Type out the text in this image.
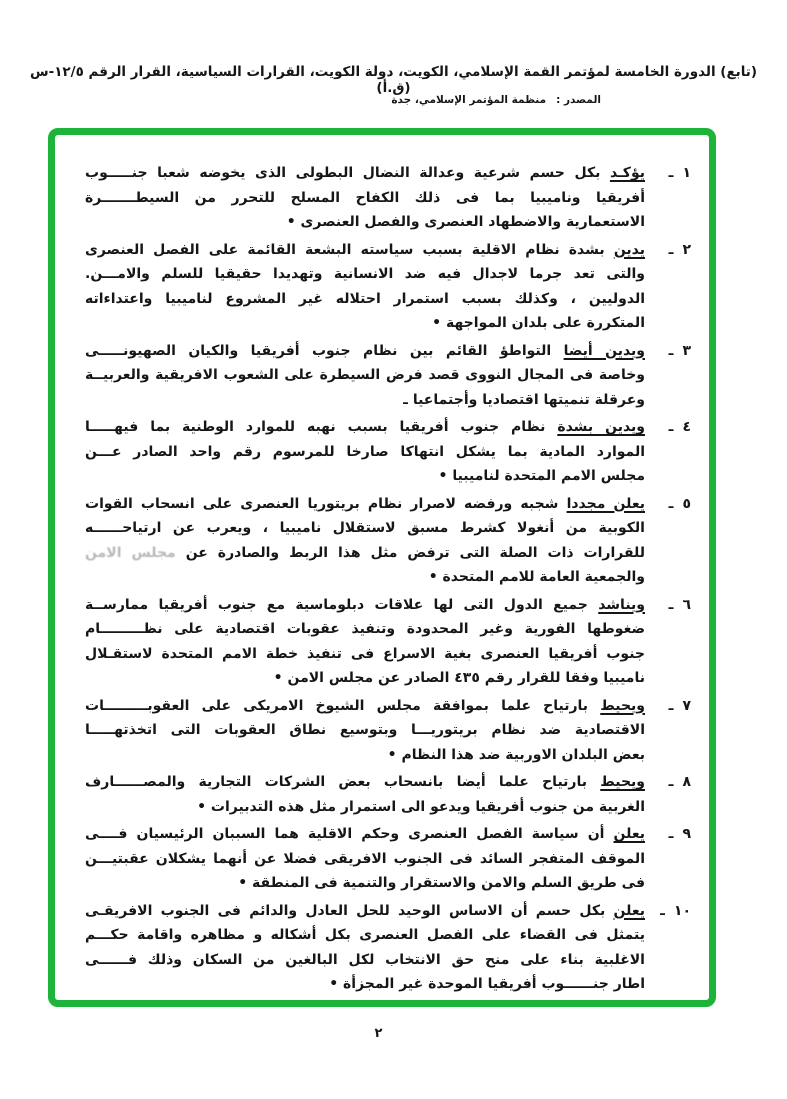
(تابع) الدورة الخامسة لمؤتمر القمة الإسلامي، الكويت، دولة الكويت، القرارات السياسية، القرار الرقم ١٢/٥-س (ق.أ)
المصدر :منظمة المؤتمر الإسلامي، جدة
١
ـ
يؤكـد بكل حسم شرعية وعدالة النضال البطولى الذى يخوضه شعبا جنـــــوب
أفريقيا وناميبيا بما فى ذلك الكفاح المسلح للتحرر من السيطـــــــرة
الاستعمارية والاضطهاد العنصرى والفصل العنصرى •
٢
ـ
يدين بشدة نظام الاقلية بسبب سياسته البشعة القائمة على الفصل العنصرى
والتى تعد جرما لاجدال فيه ضد الانسانية وتهديدا حقيقيا للسلم والامـــن.
الدوليين ، وكذلك بسبب استمرار احتلاله غير المشروع لناميبيا واعتداءاته
المتكررة على بلدان المواجهة •
٣
ـ
ويدين أيضا التواطؤ القائم بين نظام جنوب أفريقيا والكيان الصهيونـــــى
وخاصة فى المجال النووى قصد فرض السيطرة على الشعوب الافريقية والعربيــة
وعرقلة تنميتها اقتصاديا وأجتماعيا ـ
٤
ـ
ويدين بشدة نظام جنوب أفريقيا بسبب نهبه للموارد الوطنية بما فيهـــــا
الموارد المادية بما يشكل انتهاكا صارخا للمرسوم رقم واحد الصادر عـــن
مجلس الامم المتحدة لناميبيا •
٥
ـ
يعلن مجددا شجبه ورفضه لاصرار نظام بريتوريا العنصرى على انسحاب القوات
الكوبية من أنغولا كشرط مسبق لاستقلال ناميبيا ، ويعرب عن ارتياحــــــه
للقرارات ذات الصلة التى ترفض مثل هذا الربط والصادرة عن مجلس الامن
والجمعية العامة للامم المتحدة •
٦
ـ
ويناشد جميع الدول التى لها علاقات دبلوماسية مع جنوب أفريقيا ممارســة
ضغوطها الفورية وغير المحدودة وتنفيذ عقوبات اقتصادية على نظـــــــــام
جنوب أفريقيا العنصرى بغية الاسراع فى تنفيذ خطة الامم المتحدة لاستقـلال
ناميبيا وفقا للقرار رقم ٤٣٥ الصادر عن مجلس الامن •
٧
ـ
ويحيط بارتياح علما بموافقة مجلس الشيوخ الامريكى على العقوبـــــــــات
الاقتصادية ضد نظام بريتوريـــا وبتوسيع نطاق العقوبات التى اتخذتهـــــا
بعض البلدان الاوربية ضد هذا النظام •
٨
ـ
ويحيط بارتياح علما أيضا بانسحاب بعض الشركات التجارية والمصــــــارف
الغربية من جنوب أفريقيا ويدعو الى استمرار مثل هذه التدبيرات •
٩
ـ
يعلن أن سياسة الفصل العنصرى وحكم الاقلية هما السببان الرئيسيان فــــى
الموقف المتفجر السائد فى الجنوب الافريقى فضلا عن أنهما يشكلان عقبتيـــن
فى طريق السلم والامن والاستقرار والتنمية فى المنطقة •
١٠
ـ
يعلن بكل حسم أن الاساس الوحيد للحل العادل والدائم فى الجنوب الافريقـى
يتمثل فى القضاء على الفصل العنصرى بكل أشكاله و مظاهره واقامة حكـــم
الاغلبية بناء على منح حق الانتخاب لكل البالغين من السكان وذلك فــــــى
اطار جنــــــوب أفريقيا الموحدة غير المجزأة •
٢
